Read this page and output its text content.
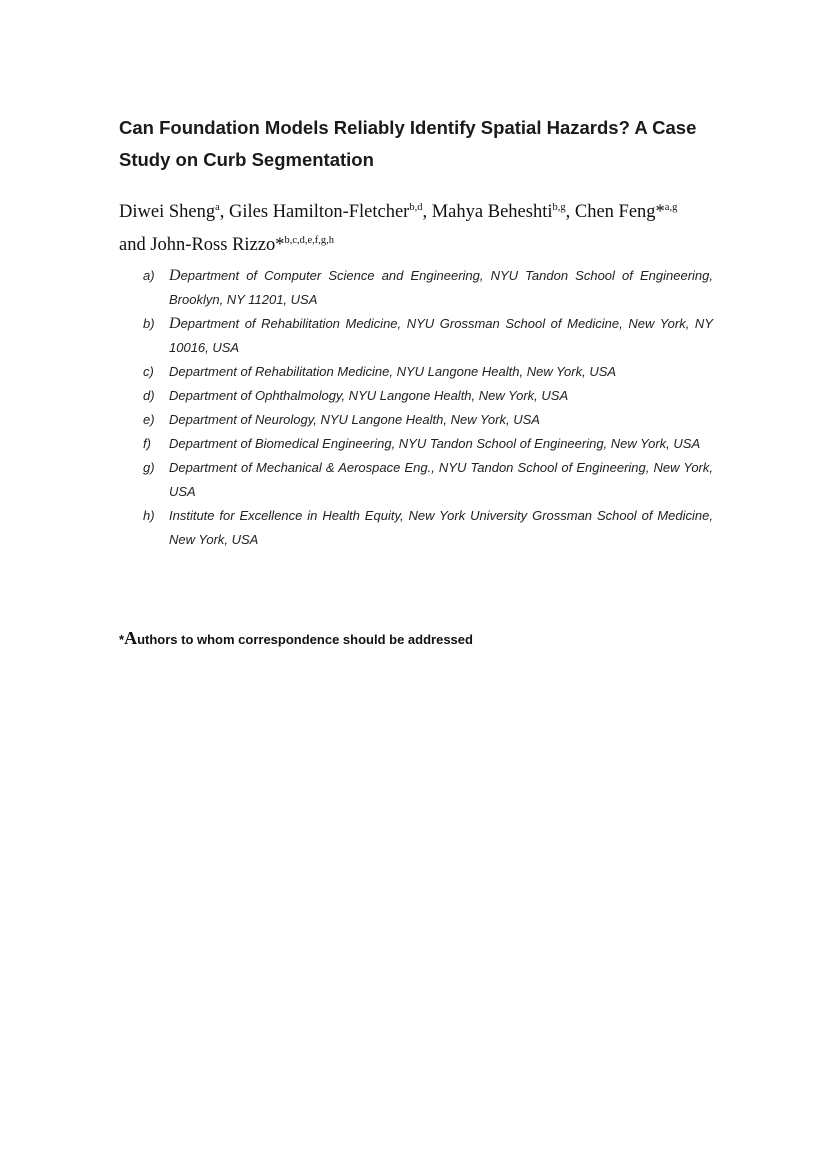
Can Foundation Models Reliably Identify Spatial Hazards? A Case Study on Curb Segmentation
Diwei Sheng$^a$, Giles Hamilton-Fletcher$^{b,d}$, Mahya Beheshti$^{b,g}$, Chen Feng*$^{a,g}$ and John-Ross Rizzo*$^{b,c,d,e,f,g,h}$
a) Department of Computer Science and Engineering, NYU Tandon School of Engineering, Brooklyn, NY 11201, USA
b) Department of Rehabilitation Medicine, NYU Grossman School of Medicine, New York, NY 10016, USA
c)	Department of Rehabilitation Medicine, NYU Langone Health, New York, USA
d)	Department of Ophthalmology, NYU Langone Health, New York, USA
e)	Department of Neurology, NYU Langone Health, New York, USA
f)	Department of Biomedical Engineering, NYU Tandon School of Engineering, New York, USA
g)	Department of Mechanical & Aerospace Eng., NYU Tandon School of Engineering, New York, USA
h)	Institute for Excellence in Health Equity, New York University Grossman School of Medicine, New York, USA
*Authors to whom correspondence should be addressed
